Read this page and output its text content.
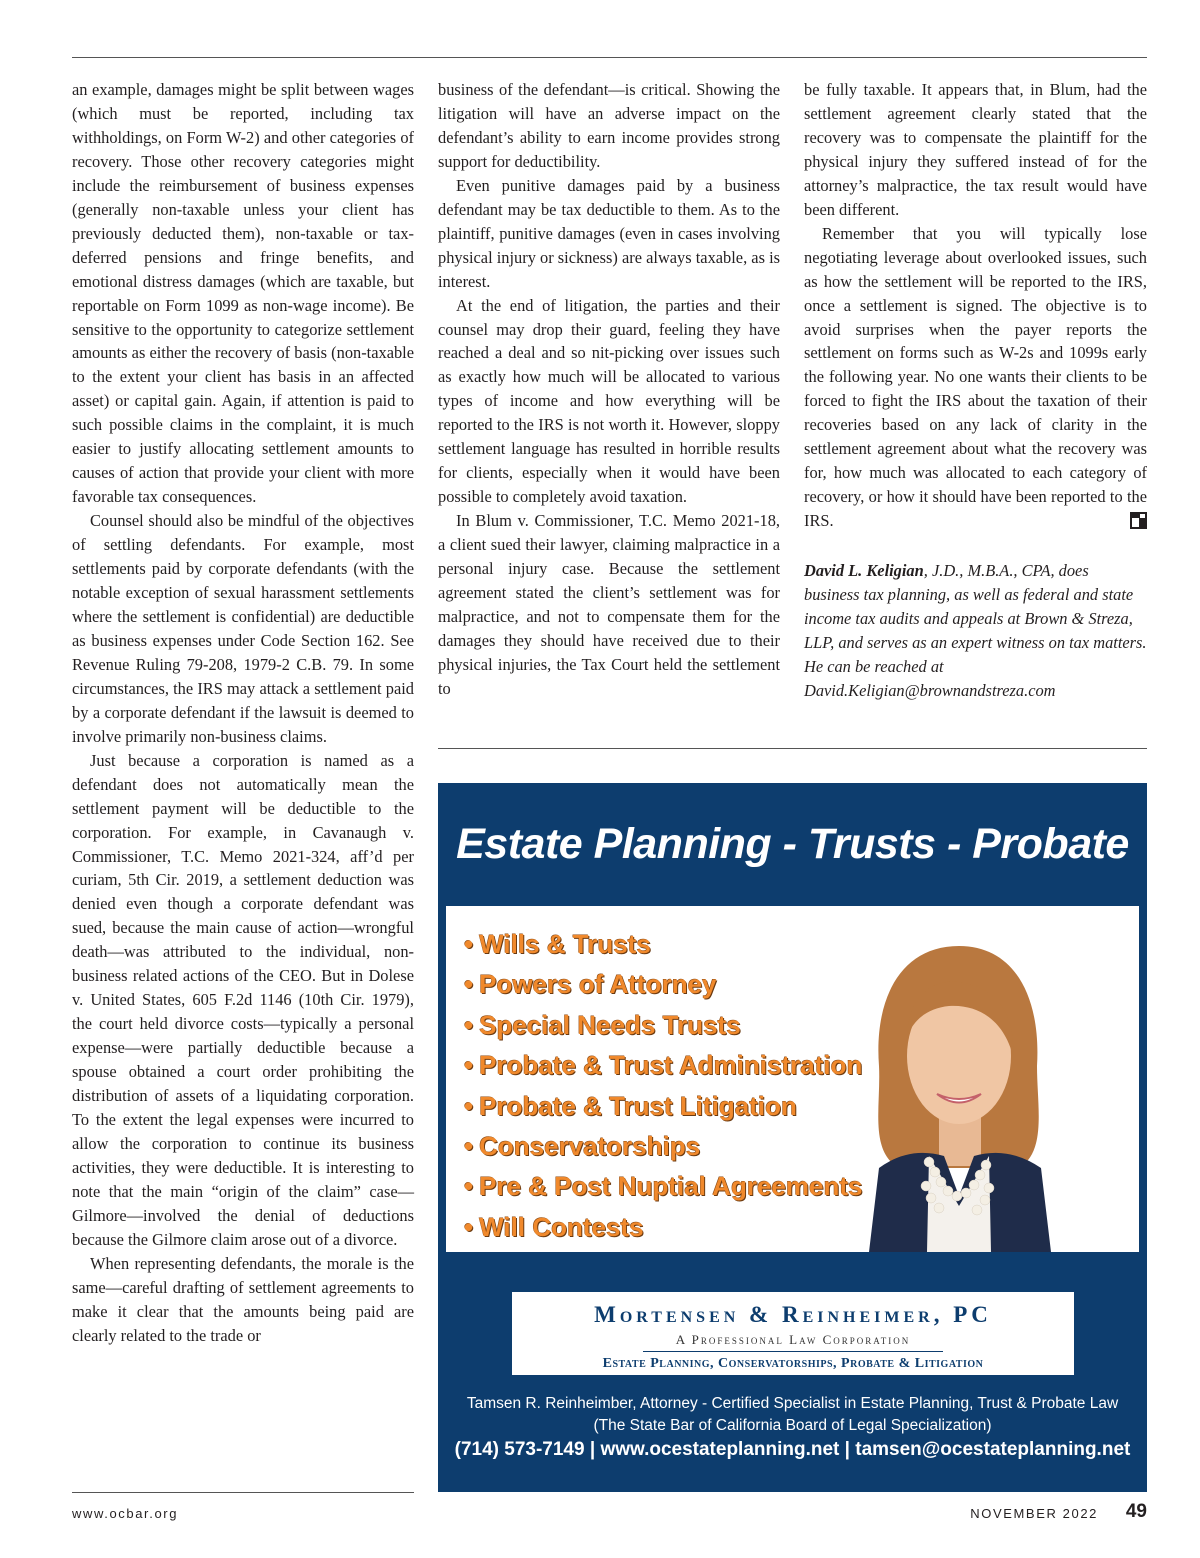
an example, damages might be split between wages (which must be reported, including tax withholdings, on Form W-2) and other categories of recovery. Those other recovery categories might include the reimbursement of business expenses (generally non-taxable unless your client has previously deducted them), non-taxable or tax-deferred pensions and fringe benefits, and emotional distress damages (which are taxable, but reportable on Form 1099 as non-wage income). Be sensitive to the opportunity to categorize settlement amounts as either the recovery of basis (non-taxable to the extent your client has basis in an affected asset) or capital gain. Again, if attention is paid to such possible claims in the complaint, it is much easier to justify allocating settlement amounts to causes of action that provide your client with more favorable tax consequences.

Counsel should also be mindful of the objectives of settling defendants. For example, most settlements paid by corporate defendants (with the notable exception of sexual harassment settlements where the settlement is confidential) are deductible as business expenses under Code Section 162. See Revenue Ruling 79-208, 1979-2 C.B. 79. In some circumstances, the IRS may attack a settlement paid by a corporate defendant if the lawsuit is deemed to involve primarily non-business claims.

Just because a corporation is named as a defendant does not automatically mean the settlement payment will be deductible to the corporation. For example, in Cavanaugh v. Commissioner, T.C. Memo 2021-324, aff’d per curiam, 5th Cir. 2019, a settlement deduction was denied even though a corporate defendant was sued, because the main cause of action—wrongful death—was attributed to the individual, non-business related actions of the CEO. But in Dolese v. United States, 605 F.2d 1146 (10th Cir. 1979), the court held divorce costs—typically a personal expense—were partially deductible because a spouse obtained a court order prohibiting the distribution of assets of a liquidating corporation. To the extent the legal expenses were incurred to allow the corporation to continue its business activities, they were deductible. It is interesting to note that the main “origin of the claim” case—Gilmore—involved the denial of deductions because the Gilmore claim arose out of a divorce.

When representing defendants, the morale is the same—careful drafting of settlement agreements to make it clear that the amounts being paid are clearly related to the trade or

business of the defendant—is critical. Showing the litigation will have an adverse impact on the defendant’s ability to earn income provides strong support for deductibility.

Even punitive damages paid by a business defendant may be tax deductible to them. As to the plaintiff, punitive damages (even in cases involving physical injury or sickness) are always taxable, as is interest.

At the end of litigation, the parties and their counsel may drop their guard, feeling they have reached a deal and so nit-picking over issues such as exactly how much will be allocated to various types of income and how everything will be reported to the IRS is not worth it. However, sloppy settlement language has resulted in horrible results for clients, especially when it would have been possible to completely avoid taxation.

In Blum v. Commissioner, T.C. Memo 2021-18, a client sued their lawyer, claiming malpractice in a personal injury case. Because the settlement agreement stated the client’s settlement was for malpractice, and not to compensate them for the damages they should have received due to their physical injuries, the Tax Court held the settlement to

be fully taxable. It appears that, in Blum, had the settlement agreement clearly stated that the recovery was to compensate the plaintiff for the physical injury they suffered instead of for the attorney’s malpractice, the tax result would have been different.

Remember that you will typically lose negotiating leverage about overlooked issues, such as how the settlement will be reported to the IRS, once a settlement is signed. The objective is to avoid surprises when the payer reports the settlement on forms such as W-2s and 1099s early the following year. No one wants their clients to be forced to fight the IRS about the taxation of their recoveries based on any lack of clarity in the settlement agreement about what the recovery was for, how much was allocated to each category of recovery, or how it should have been reported to the IRS.

David L. Keligian, J.D., M.B.A., CPA, does business tax planning, as well as federal and state income tax audits and appeals at Brown & Streza, LLP, and serves as an expert witness on tax matters. He can be reached at David.Keligian@brownandstreza.com

Estate Planning - Trusts - Probate
• Wills & Trusts
• Powers of Attorney
• Special Needs Trusts
• Probate & Trust Administration
• Probate & Trust Litigation
• Conservatorships
• Pre & Post Nuptial Agreements
• Will Contests
Mortensen & Reinheimer, PC
A Professional Law Corporation
Estate Planning, Conservatorships, Probate & Litigation
Tamsen R. Reinheimber, Attorney - Certified Specialist in Estate Planning, Trust & Probate Law
(The State Bar of California Board of Legal Specialization)
(714) 573-7149 | www.ocestateplanning.net | tamsen@ocestateplanning.net
www.ocbar.org	NOVEMBER 2022 49
